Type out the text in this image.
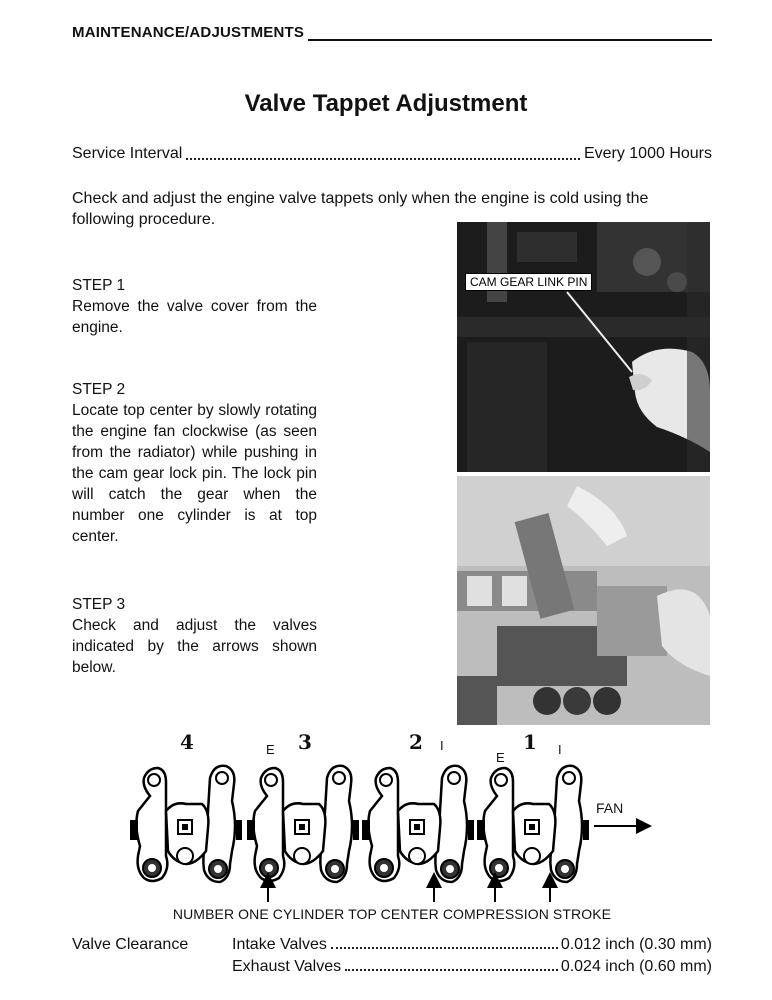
MAINTENANCE/ADJUSTMENTS
Valve Tappet Adjustment
Service Interval	Every 1000 Hours

Check and adjust the engine valve tappets only when the engine is cold using the following procedure.

STEP 1
Remove the valve cover from the engine.
STEP 2
Locate top center by slowly rotating the engine fan clockwise (as seen from the radiator) while pushing in the cam gear lock pin. The lock pin will catch the gear when the number one cylinder is at top center.
STEP 3
Check and adjust the valves indicated by the arrows shown below.
CAM GEAR LINK PIN
4	3	2	1
E	I
E
I
FAN
NUMBER ONE CYLINDER TOP CENTER COMPRESSION STROKE
Valve Clearance	Intake Valves	0.012 inch (0.30 mm)
Exhaust Valves	0.024 inch (0.60 mm)
